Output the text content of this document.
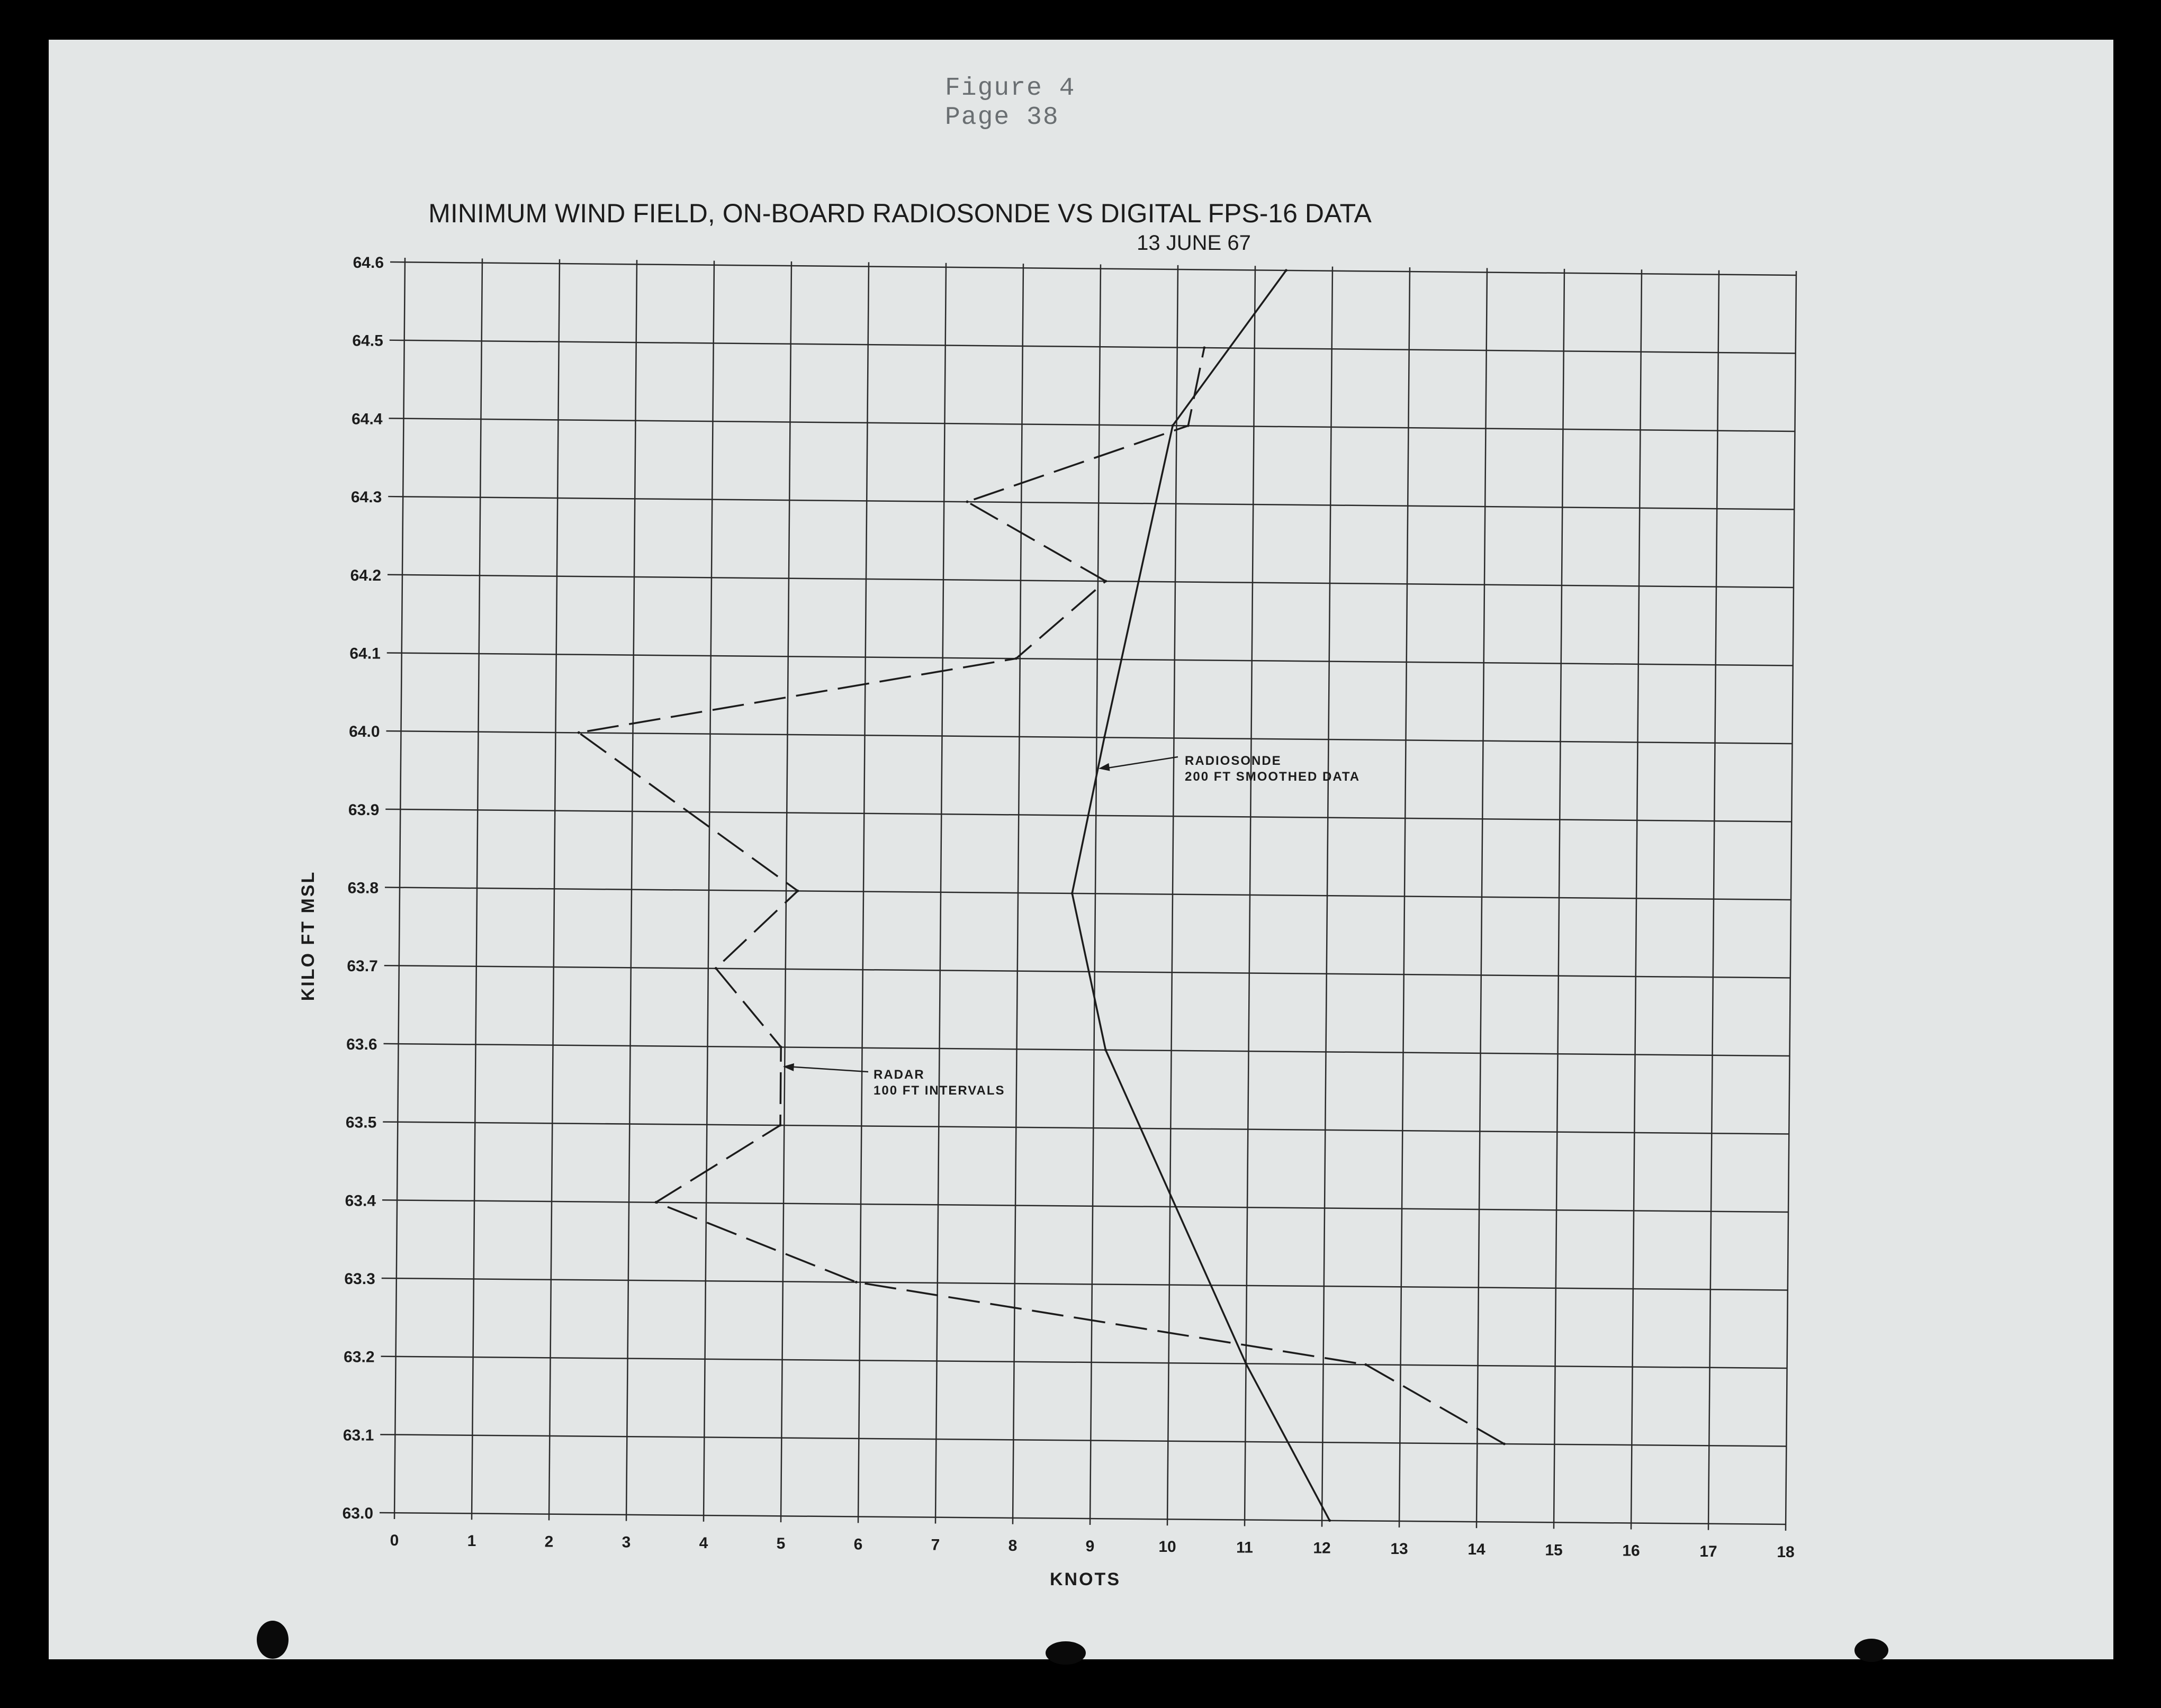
Figure 4
Page 38
MINIMUM WIND FIELD, ON-BOARD RADIOSONDE VS DIGITAL FPS-16 DATA
13 JUNE 67
0	1	2	3	4	5	6	7	8	9	10	11	12	13	14	15	16	17	18
63.0
63.1
63.2
63.3
63.4
63.5
63.6
63.7
63.8
63.9
64.0
64.1
64.2
64.3
64.4
64.5
64.6
RADIOSONDE
200 FT SMOOTHED DATA
RADAR
100 FT INTERVALS
KNOTS
KILO FT MSL
